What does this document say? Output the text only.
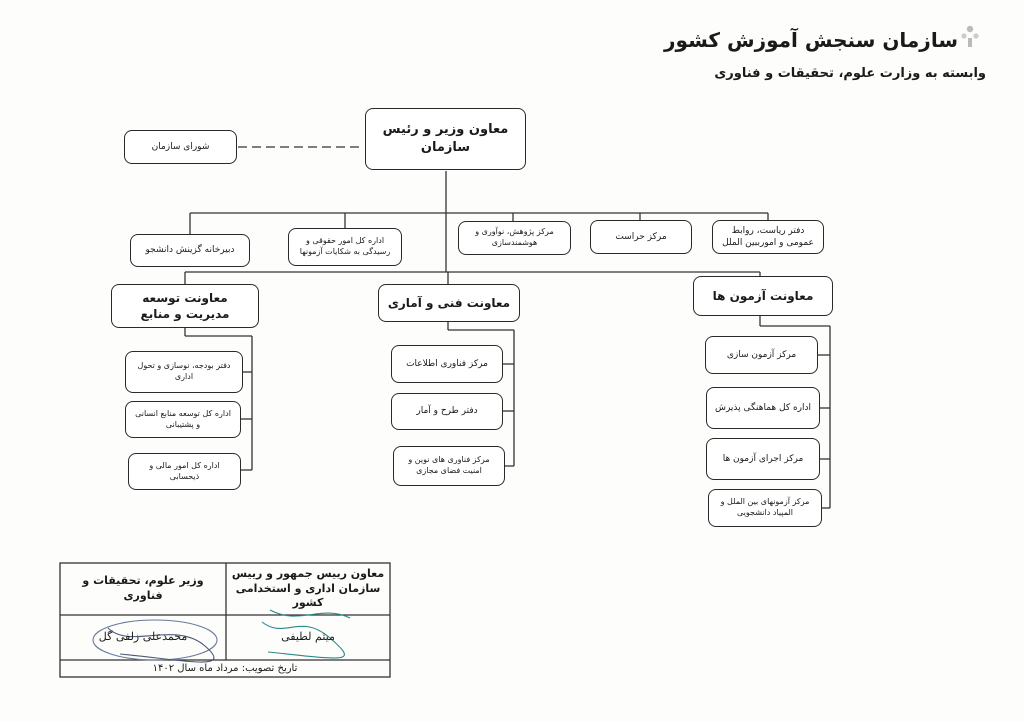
سازمان سنجش آموزش کشور
وابسته به وزارت علوم، تحقیقات و فناوری
معاون وزیر و رئیس سازمان
شورای سازمان
دفتر ریاست، روابط عمومی و امورببین الملل
مرکز حراست
مرکز پژوهش، نوآوری و هوشمندسازی
اداره کل امور حقوقی و رسیدگی به شکایات آزمونها
دبیرخانه گزینش دانشجو
معاونت آزمون ها
معاونت فنی و آماری
معاونت توسعه مدیریت و منابع
مرکز آزمون سازی
اداره کل هماهنگی پذیرش
مرکز اجرای آزمون ها
مرکز آزمونهای بین الملل و المپیاد دانشجویی
مرکز فناوری اطلاعات
دفتر طرح و آمار
مرکز فناوری های نوین و امنیت فضای مجازی
دفتر بودجه، نوسازی و تحول اداری
اداره کل توسعه منابع انسانی و پشتیبانی
اداره کل امور مالی و ذیحسابی
معاون رییس جمهور و رییس سازمان اداری و استخدامی کشور
وزیر علوم، تحقیقات و فناوری
میثم لطیفی
محمدعلی زلفی گل
تاریخ تصویب: مرداد ماه سال ۱۴۰۲
